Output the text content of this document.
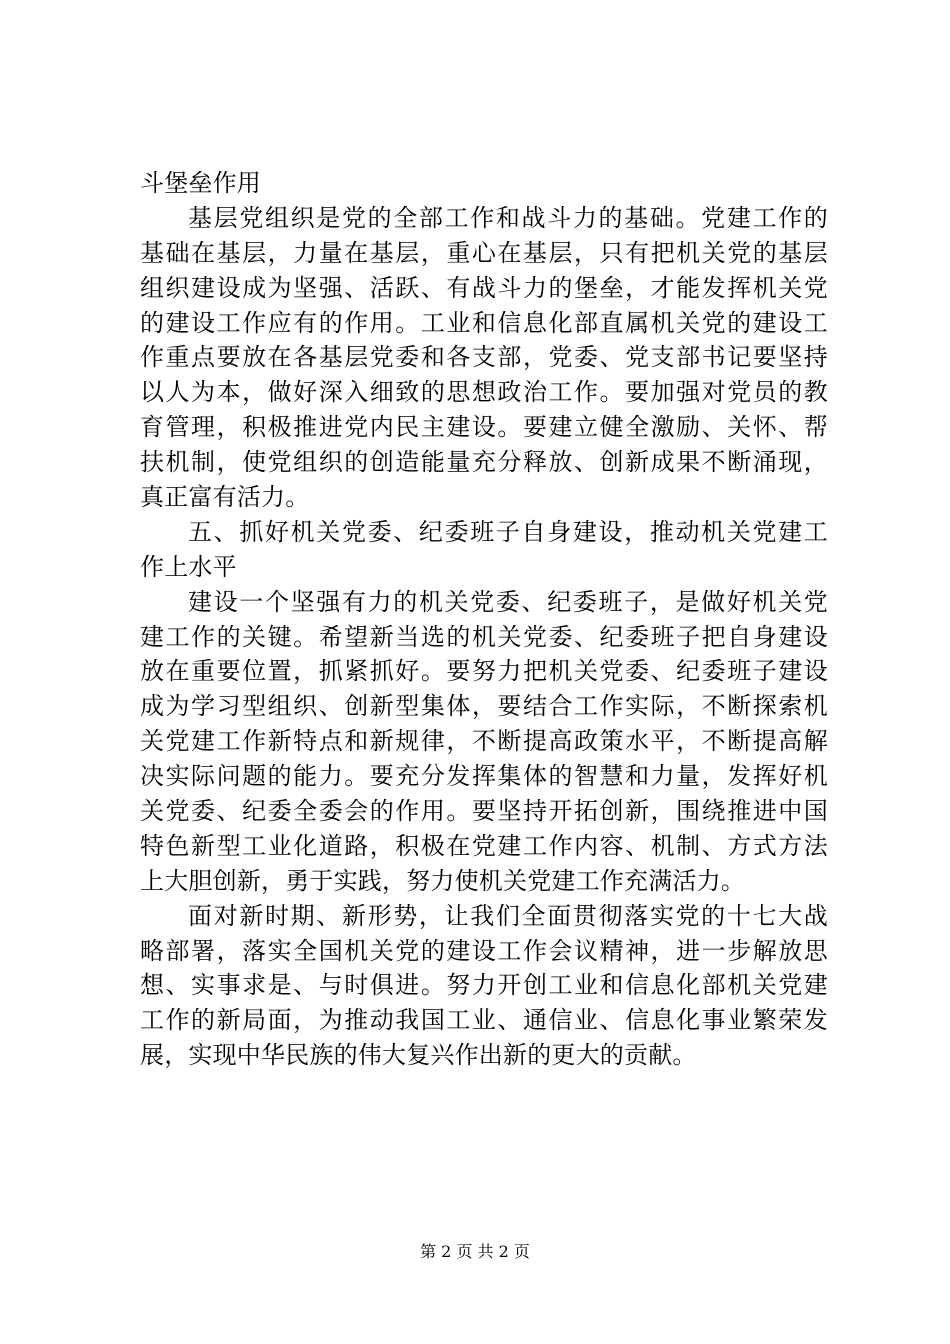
斗堡垒作用
基层党组织是党的全部工作和战斗力的基础。党建工作的
基础在基层，力量在基层，重心在基层，只有把机关党的基层
组织建设成为坚强、活跃、有战斗力的堡垒，才能发挥机关党
的建设工作应有的作用。工业和信息化部直属机关党的建设工
作重点要放在各基层党委和各支部，党委、党支部书记要坚持
以人为本，做好深入细致的思想政治工作。要加强对党员的教
育管理，积极推进党内民主建设。要建立健全激励、关怀、帮
扶机制，使党组织的创造能量充分释放、创新成果不断涌现，
真正富有活力。
五、抓好机关党委、纪委班子自身建设，推动机关党建工
作上水平
建设一个坚强有力的机关党委、纪委班子，是做好机关党
建工作的关键。希望新当选的机关党委、纪委班子把自身建设
放在重要位置，抓紧抓好。要努力把机关党委、纪委班子建设
成为学习型组织、创新型集体，要结合工作实际，不断探索机
关党建工作新特点和新规律，不断提高政策水平，不断提高解
决实际问题的能力。要充分发挥集体的智慧和力量，发挥好机
关党委、纪委全委会的作用。要坚持开拓创新，围绕推进中国
特色新型工业化道路，积极在党建工作内容、机制、方式方法
上大胆创新，勇于实践，努力使机关党建工作充满活力。
面对新时期、新形势，让我们全面贯彻落实党的十七大战
略部署，落实全国机关党的建设工作会议精神，进一步解放思
想、实事求是、与时俱进。努力开创工业和信息化部机关党建
工作的新局面，为推动我国工业、通信业、信息化事业繁荣发
展，实现中华民族的伟大复兴作出新的更大的贡献。
第 2 页 共 2 页
